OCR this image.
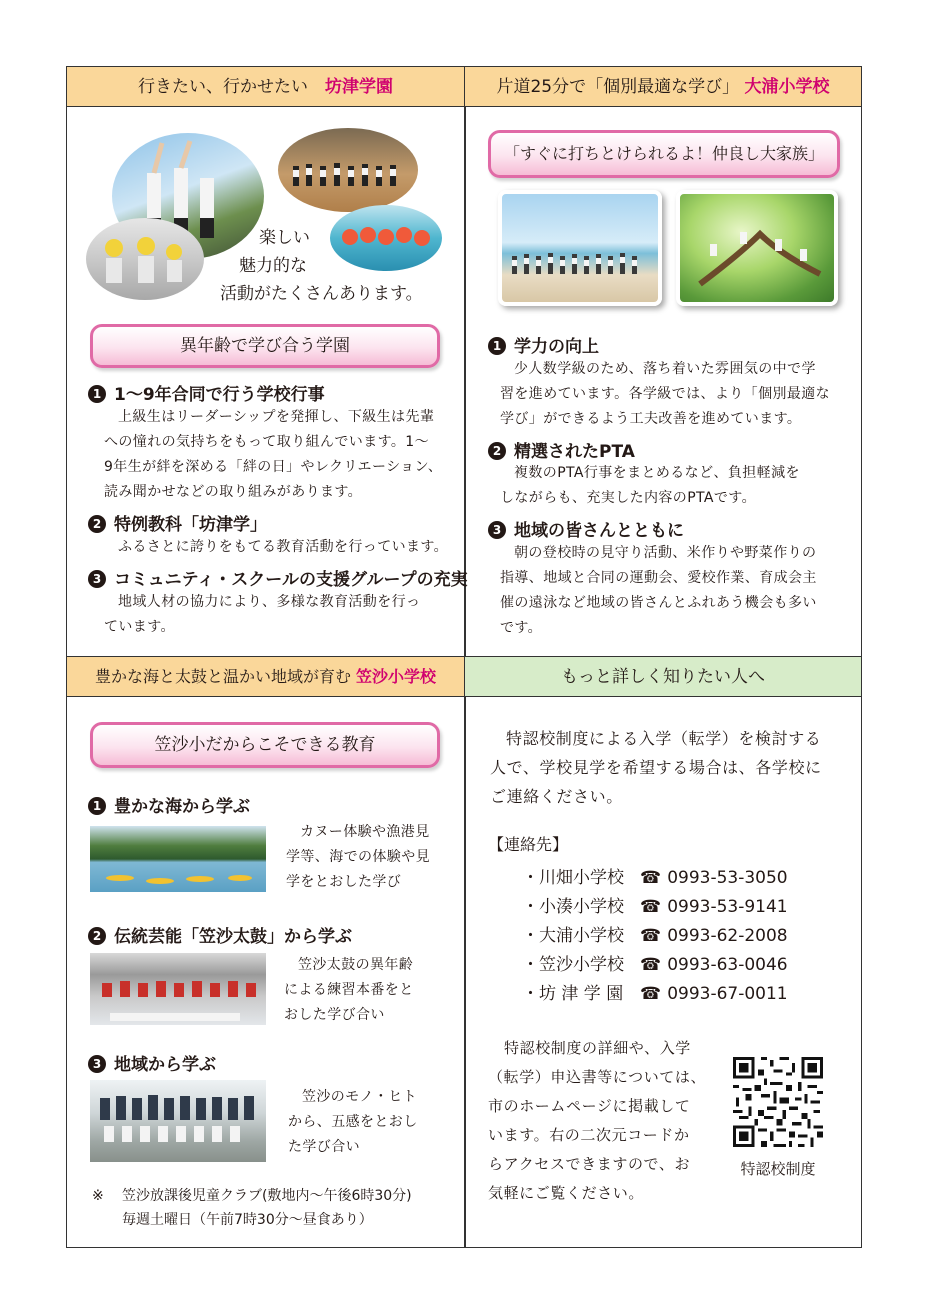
行きたい、行かせたい　 坊津学園
楽しい
魅力的な
活動がたくさんあります。
異年齢で学び合う学園
1 1～9年合同で行う学校行事
上級生はリーダーシップを発揮し、下級生は先輩
への憧れの気持ちをもって取り組んでいます。1～
9年生が絆を深める「絆の日」やレクリエーション、
読み聞かせなどの取り組みがあります。
2 特例教科「坊津学」
ふるさとに誇りをもてる教育活動を行っています。
3 コミュニティ・スクールの支援グループの充実
地域人材の協力により、多様な教育活動を行っ
ています。
片道25分で「個別最適な学び」 大浦小学校
「すぐに打ちとけられるよ！仲良し大家族」
1 学力の向上
少人数学級のため、落ち着いた雰囲気の中で学
習を進めています。各学級では、より「個別最適な
学び」ができるよう工夫改善を進めています。
2 精選されたPTA
複数のPTA行事をまとめるなど、負担軽減を
しながらも、充実した内容のPTAです。
3 地域の皆さんとともに
朝の登校時の見守り活動、米作りや野菜作りの
指導、地域と合同の運動会、愛校作業、育成会主
催の遠泳など地域の皆さんとふれあう機会も多い
です。
豊かな海と太鼓と温かい地域が育む 笠沙小学校
笠沙小だからこそできる教育
1 豊かな海から学ぶ
カヌー体験や漁港見
学等、海での体験や見
学をとおした学び
2 伝統芸能「笠沙太鼓」から学ぶ
笠沙太鼓の異年齢
による練習本番をと
おした学び合い
3 地域から学ぶ
笠沙のモノ・ヒト
から、五感をとおし
た学び合い
※	笠沙放課後児童クラブ(敷地内～午後6時30分)
毎週土曜日（午前7時30分～昼食あり）
もっと詳しく知りたい人へ
特認校制度による入学（転学）を検討する
人で、学校見学を希望する場合は、各学校に
ご連絡ください。
【連絡先】
・川畑小学校 ☎ 0993-53-3050
・小湊小学校 ☎ 0993-53-9141
・大浦小学校 ☎ 0993-62-2008
・笠沙小学校 ☎ 0993-63-0046
・坊 津 学 園 ☎ 0993-67-0011
特認校制度の詳細や、入学
（転学）申込書等については、
市のホームページに掲載して
います。右の二次元コードか
らアクセスできますので、お
気軽にご覧ください。
特認校制度
